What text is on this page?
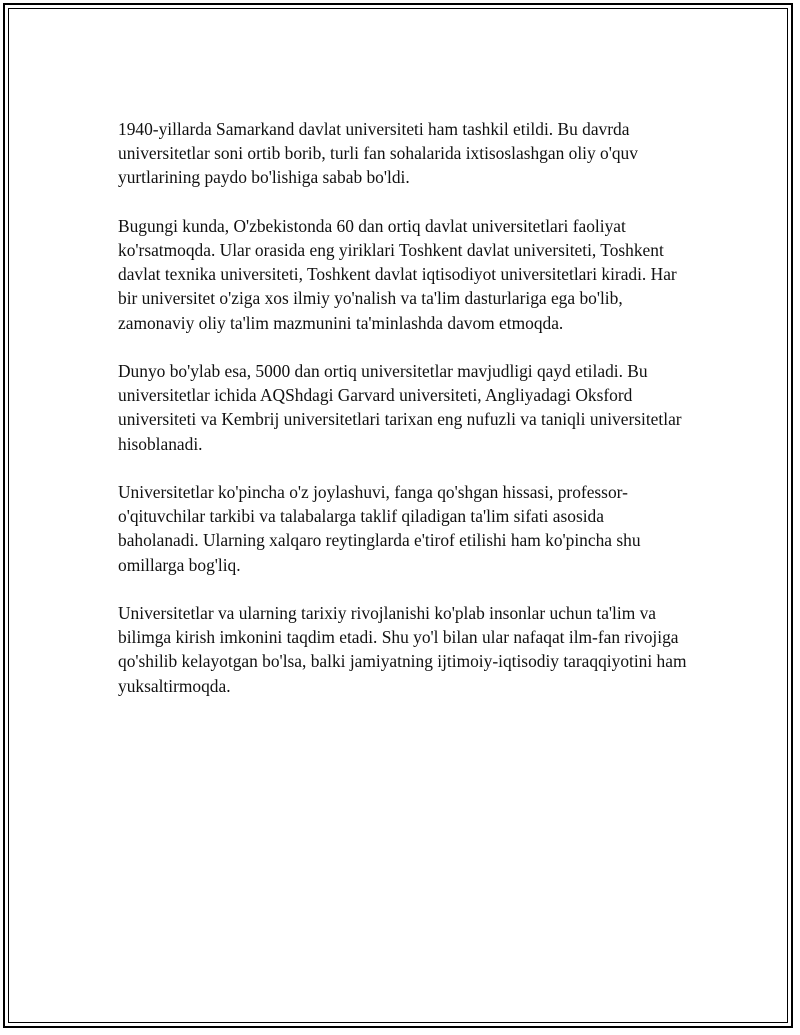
1940-yillarda Samarkand davlat universiteti ham tashkil etildi. Bu davrda universitetlar soni ortib borib, turli fan sohalarida ixtisoslashgan oliy o'quv yurtlarining paydo bo'lishiga sabab bo'ldi.

Bugungi kunda, O'zbekistonda 60 dan ortiq davlat universitetlari faoliyat ko'rsatmoqda. Ular orasida eng yiriklari Toshkent davlat universiteti, Toshkent davlat texnika universiteti, Toshkent davlat iqtisodiyot universitetlari kiradi. Har bir universitet o'ziga xos ilmiy yo'nalish va ta'lim dasturlariga ega bo'lib, zamonaviy oliy ta'lim mazmunini ta'minlashda davom etmoqda.

Dunyo bo'ylab esa, 5000 dan ortiq universitetlar mavjudligi qayd etiladi. Bu universitetlar ichida AQShdagi Garvard universiteti, Angliyadagi Oksford universiteti va Kembrij universitetlari tarixan eng nufuzli va taniqli universitetlar hisoblanadi.

Universitetlar ko'pincha o'z joylashuvi, fanga qo'shgan hissasi, professor-o'qituvchilar tarkibi va talabalarga taklif qiladigan ta'lim sifati asosida baholanadi. Ularning xalqaro reytinglarda e'tirof etilishi ham ko'pincha shu omillarga bog'liq.

Universitetlar va ularning tarixiy rivojlanishi ko'plab insonlar uchun ta'lim va bilimga kirish imkonini taqdim etadi. Shu yo'l bilan ular nafaqat ilm-fan rivojiga qo'shilib kelayotgan bo'lsa, balki jamiyatning ijtimoiy-iqtisodiy taraqqiyotini ham yuksaltirmoqda.
